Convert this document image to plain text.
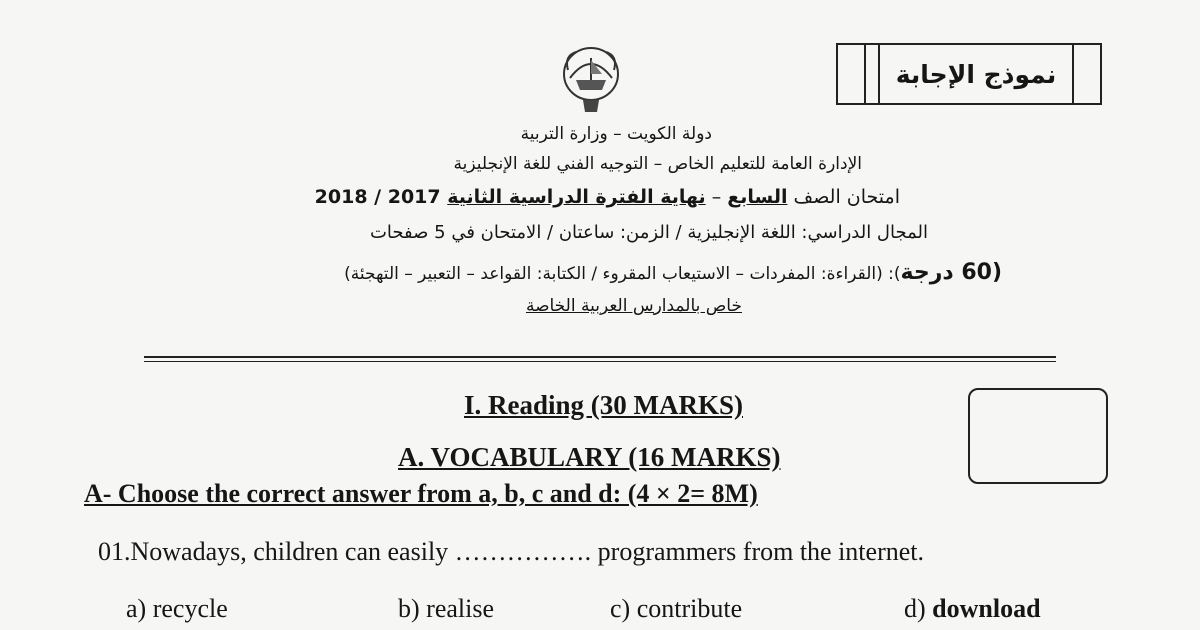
نموذج الإجابة
دولة الكويت – وزارة التربية
الإدارة العامة للتعليم الخاص – التوجيه الفني للغة الإنجليزية
امتحان الصف السابع – نهاية الفترة الدراسية الثانية 2017 / 2018
المجال الدراسي: اللغة الإنجليزية / الزمن: ساعتان / الامتحان في 5 صفحات
(60 درجة): (القراءة: المفردات – الاستيعاب المقروء / الكتابة: القواعد – التعبير – التهجئة)
خاص بالمدارس العربية الخاصة
I. Reading (30 MARKS)
A. VOCABULARY (16 MARKS)
A- Choose the correct answer from a, b, c and d: (4 × 2= 8M)
01.Nowadays, children can easily ……………. programmers from the internet.
a) recycle	b) realise	c) contribute	d) download
